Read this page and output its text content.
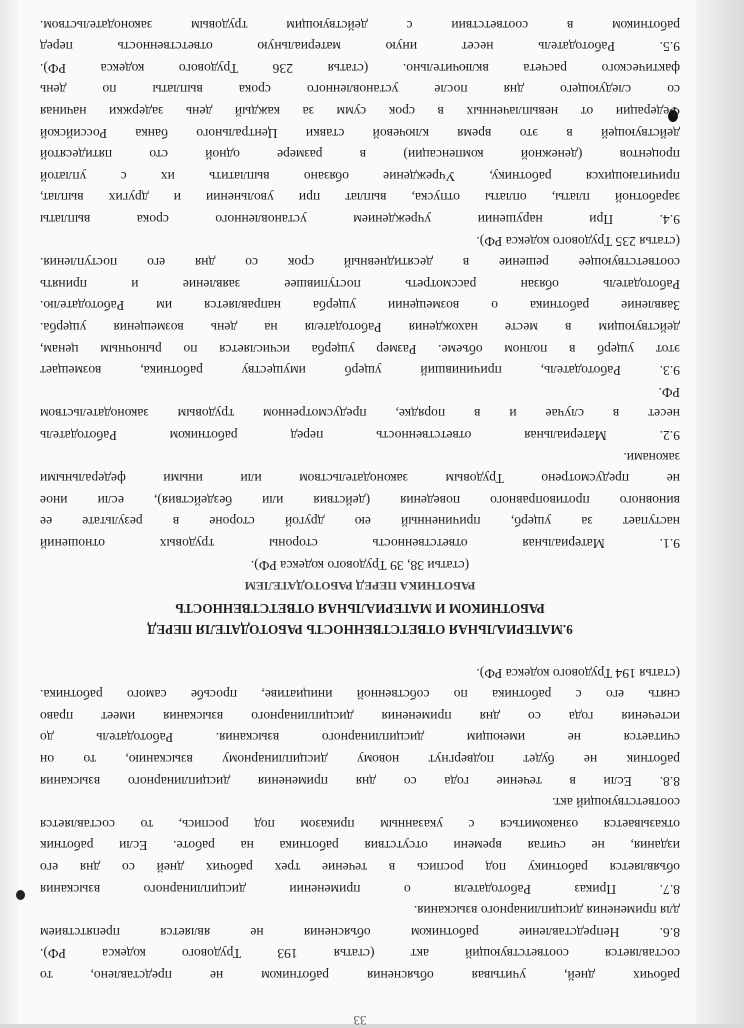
33
рабочих дней, учитывая объяснения работником не представлено, то
составляется соответствующий акт (статья 193 Трудового кодекса РФ).
8.6. Непредставление работником объяснения не является препятствием
для применения дисциплинарного взыскания.
8.7. Приказ Работодателя о применении дисциплинарного взыскания
объявляется работнику под роспись в течение трех рабочих дней со дня его
издания, не считая времени отсутствия работника на работе. Если работник
отказывается ознакомиться с указанным приказом под роспись, то составляется
соответствующий акт.
8.8. Если в течение года со дня применения дисциплинарного взыскания
работник не будет подвергнут новому дисциплинарному взысканию, то он
считается не имеющим дисциплинарного взыскания. Работодатель до
истечения года со дня применения дисциплинарного взыскания имеет право
снять его с работника по собственной инициативе, просьбе самого работника.
(статья 194 Трудового кодекса РФ).
9.МАТЕРИАЛЬНАЯ ОТВЕТСТВЕННОСТЬ РАБОТОДАТЕЛЯ ПЕРЕД
РАБОТНИКОМ И МАТЕРИАЛЬНАЯ ОТВЕТСТВЕННОСТЬ
РАБОТНИКА ПЕРЕД РАБОТОДАТЕЛЕМ
(статьи 38, 39 Трудового кодекса РФ).
9.1. Материальная ответственность стороны трудовых отношений
наступает за ущерб, причиненный ею другой стороне в результате ее
виновного противоправного поведения (действия или бездействия), если иное
не предусмотрено Трудовым законодательством или иными федеральными
законами.
9.2. Материальная ответственность перед работником Работодатель
несет в случае и в порядке, предусмотренном трудовым законодательством
РФ.
9.3. Работодатель, причинивший ущерб имуществу работника, возмещает
этот ущерб в полном объеме. Размер ущерба исчисляется по рыночным ценам,
действующим в месте нахождения Работодателя на день возмещения ущерба.
Заявление работника о возмещении ущерба направляется им Работодателю.
Работодатель обязан рассмотреть поступившее заявление и принять
соответствующее решение в десятидневный срок со дня его поступления.
(статья 235 Трудового кодекса РФ).
9.4. При нарушении учреждением установленного срока выплаты
заработной платы, оплаты отпуска, выплат при увольнении и других выплат,
причитающихся работнику, Учреждение обязано выплатить их с уплатой
процентов (денежной компенсации) в размере одной сто пятидесятой
действующей в это время ключевой ставки Центрального банка Российской
Федерации от невыплаченных в срок сумм за каждый день задержки начиная
со следующего дня после установленного срока выплаты по день
фактического расчета включительно. (статья 236 Трудового кодекса РФ).
9.5. Работодатель несет иную материальную ответственность перед
работником в соответствии с действующим трудовым законодательством.
